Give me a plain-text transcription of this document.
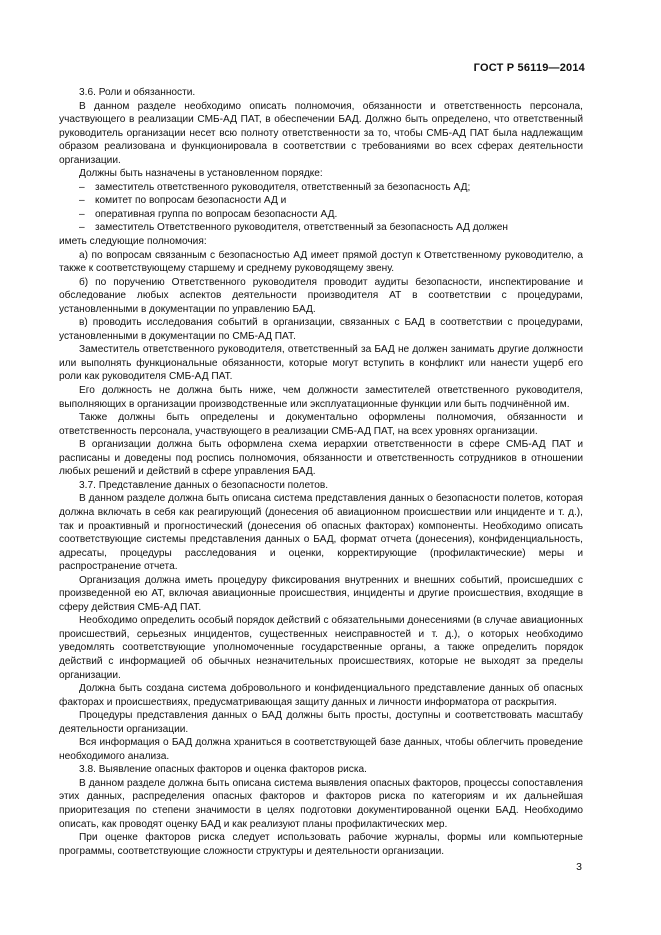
ГОСТ Р 56119—2014

3.6. Роли и обязанности.

В данном разделе необходимо описать полномочия, обязанности и ответственность персонала, участвующего в реализации СМБ-АД ПАТ, в обеспечении БАД. Должно быть определено, что ответственный руководитель организации несет всю полноту ответственности за то, чтобы СМБ-АД ПАТ была надлежащим образом реализована и функционировала в соответствии с требованиями во всех сферах деятельности организации.

Должны быть назначены в установленном порядке:

– заместитель ответственного руководителя, ответственный за безопасность АД;

– комитет по вопросам безопасности АД и

– оперативная группа по вопросам безопасности АД.

– заместитель Ответственного руководителя, ответственный за безопасность АД должен

иметь следующие полномочия:

а) по вопросам связанным с безопасностью АД имеет прямой доступ к Ответственному руководителю, а также к соответствующему старшему и среднему руководящему звену.

б) по поручению Ответственного руководителя проводит аудиты безопасности, инспектирование и обследование любых аспектов деятельности производителя АТ в соответствии с процедурами, установленными в документации по управлению БАД.

в) проводить исследования событий в организации, связанных с БАД в соответствии с процедурами, установленными в документации по СМБ-АД ПАТ.

Заместитель ответственного руководителя, ответственный за БАД не должен занимать другие должности или выполнять функциональные обязанности, которые могут вступить в конфликт или нанести ущерб его роли как руководителя СМБ-АД ПАТ.

Его должность не должна быть ниже, чем должности заместителей ответственного руководителя, выполняющих в организации производственные или эксплуатационные функции или быть подчинённой им.

Также должны быть определены и документально оформлены полномочия, обязанности и ответственность персонала, участвующего в реализации СМБ-АД ПАТ, на всех уровнях организации.

В организации должна быть оформлена схема иерархии ответственности в сфере СМБ-АД ПАТ и расписаны и доведены под роспись полномочия, обязанности и ответственность сотрудников в отношении любых решений и действий в сфере управления БАД.

3.7. Представление данных о безопасности полетов.

В данном разделе должна быть описана система представления данных о безопасности полетов, которая должна включать в себя как реагирующий (донесения об авиационном происшествии или инциденте и т. д.), так и проактивный и прогностический (донесения об опасных факторах) компоненты. Необходимо описать соответствующие системы представления данных о БАД, формат отчета (донесения), конфиденциальность, адресаты, процедуры расследования и оценки, корректирующие (профилактические) меры и распространение отчета.

Организация должна иметь процедуру фиксирования внутренних и внешних событий, происшедших с произведенной ею АТ, включая авиационные происшествия, инциденты и другие происшествия, входящие в сферу действия СМБ-АД ПАТ.

Необходимо определить особый порядок действий с обязательными донесениями (в случае авиационных происшествий, серьезных инцидентов, существенных неисправностей и т. д.), о которых необходимо уведомлять соответствующие уполномоченные государственные органы, а также определить порядок действий с информацией об обычных незначительных происшествиях, которые не выходят за пределы организации.

Должна быть создана система добровольного и конфиденциального представление данных об опасных факторах и происшествиях, предусматривающая защиту данных и личности информатора от раскрытия.

Процедуры представления данных о БАД должны быть просты, доступны и соответствовать масштабу деятельности организации.

Вся информация о БАД должна храниться в соответствующей базе данных, чтобы облегчить проведение необходимого анализа.

3.8. Выявление опасных факторов и оценка факторов риска.

В данном разделе должна быть описана система выявления опасных факторов, процессы сопоставления этих данных, распределения опасных факторов и факторов риска по категориям и их дальнейшая приоритезация по степени значимости в целях подготовки документированной оценки БАД. Необходимо описать, как проводят оценку БАД и как реализуют планы профилактических мер.

При оценке факторов риска следует использовать рабочие журналы, формы или компьютерные программы, соответствующие сложности структуры и деятельности организации.

3
